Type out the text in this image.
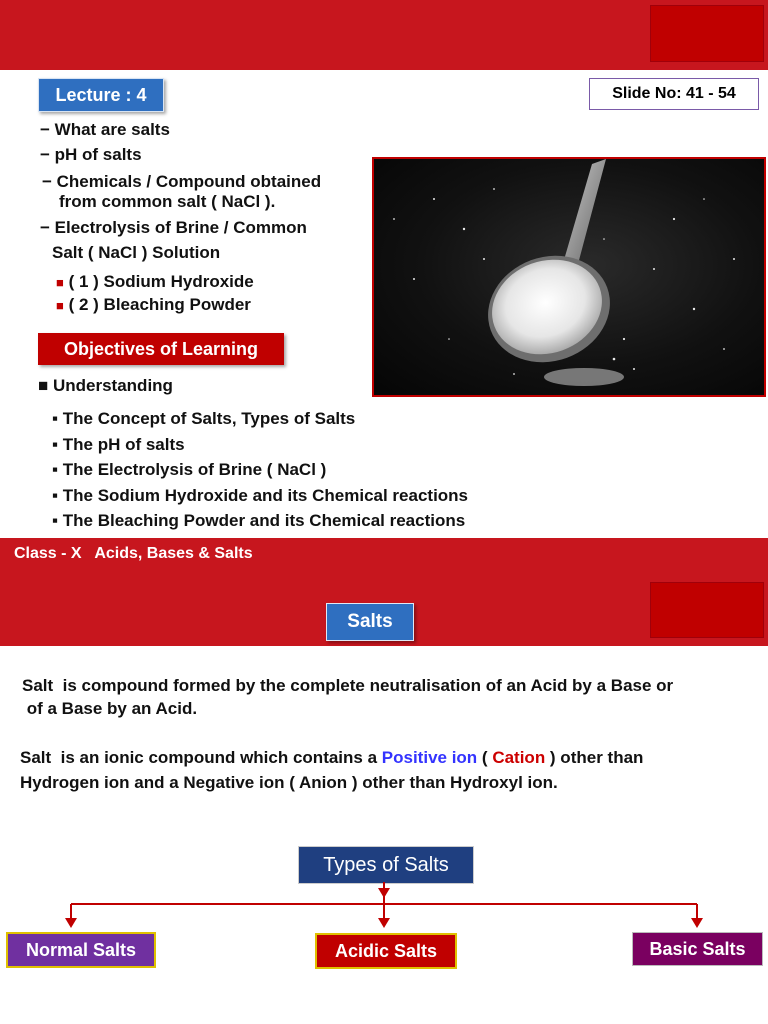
Lecture : 4	Slide No: 41 - 54
− What are salts
− pH of salts
− Chemicals / Compound obtained
from common salt ( NaCl ).
− Electrolysis of Brine / Common
Salt ( NaCl ) Solution
■ ( 1 ) Sodium Hydroxide
■ ( 2 ) Bleaching Powder
Objectives of Learning
■ Understanding
▪ The Concept of Salts, Types of Salts
▪ The pH of salts
▪ The Electrolysis of Brine ( NaCl )
▪ The Sodium Hydroxide and its Chemical reactions
▪ The Bleaching Powder and its Chemical reactions
Class - X   Acids, Bases & Salts
Salts
Salt  is compound formed by the complete neutralisation of an Acid by a Base or
of a Base by an Acid.
Salt  is an ionic compound which contains a Positive ion ( Cation ) other than
Hydrogen ion and a Negative ion ( Anion ) other than Hydroxyl ion.
Types of Salts
Normal Salts	Acidic Salts	Basic Salts
